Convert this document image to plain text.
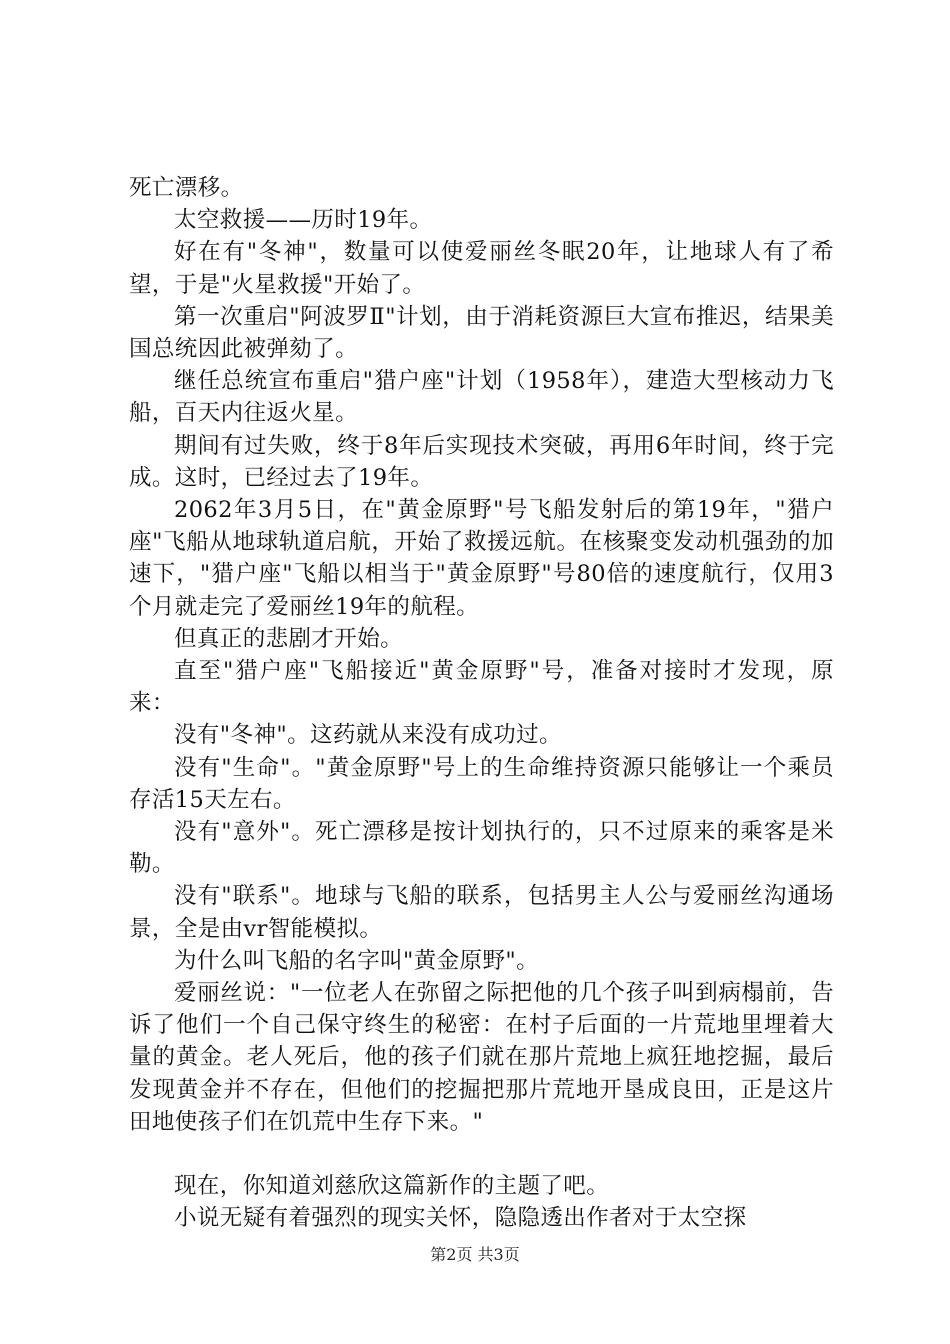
死亡漂移。

太空救援——历时19年。

好在有"冬神"，数量可以使爱丽丝冬眠20年，让地球人有了希望，于是"火星救援"开始了。

第一次重启"阿波罗Ⅱ"计划，由于消耗资源巨大宣布推迟，结果美国总统因此被弹劾了。

继任总统宣布重启"猎户座"计划（1958年），建造大型核动力飞船，百天内往返火星。

期间有过失败，终于8年后实现技术突破，再用6年时间，终于完成。这时，已经过去了19年。

2062年3月5日，在"黄金原野"号飞船发射后的第19年，"猎户座"飞船从地球轨道启航，开始了救援远航。在核聚变发动机强劲的加速下，"猎户座"飞船以相当于"黄金原野"号80倍的速度航行，仅用3个月就走完了爱丽丝19年的航程。

但真正的悲剧才开始。

直至"猎户座"飞船接近"黄金原野"号，准备对接时才发现，原来：

没有"冬神"。这药就从来没有成功过。

没有"生命"。"黄金原野"号上的生命维持资源只能够让一个乘员存活15天左右。

没有"意外"。死亡漂移是按计划执行的，只不过原来的乘客是米勒。

没有"联系"。地球与飞船的联系，包括男主人公与爱丽丝沟通场景，全是由vr智能模拟。

为什么叫飞船的名字叫"黄金原野"。

爱丽丝说："一位老人在弥留之际把他的几个孩子叫到病榻前，告诉了他们一个自己保守终生的秘密：在村子后面的一片荒地里埋着大量的黄金。老人死后，他的孩子们就在那片荒地上疯狂地挖掘，最后发现黄金并不存在，但他们的挖掘把那片荒地开垦成良田，正是这片田地使孩子们在饥荒中生存下来。"

现在，你知道刘慈欣这篇新作的主题了吧。

小说无疑有着强烈的现实关怀，隐隐透出作者对于太空探

第2页 共3页
